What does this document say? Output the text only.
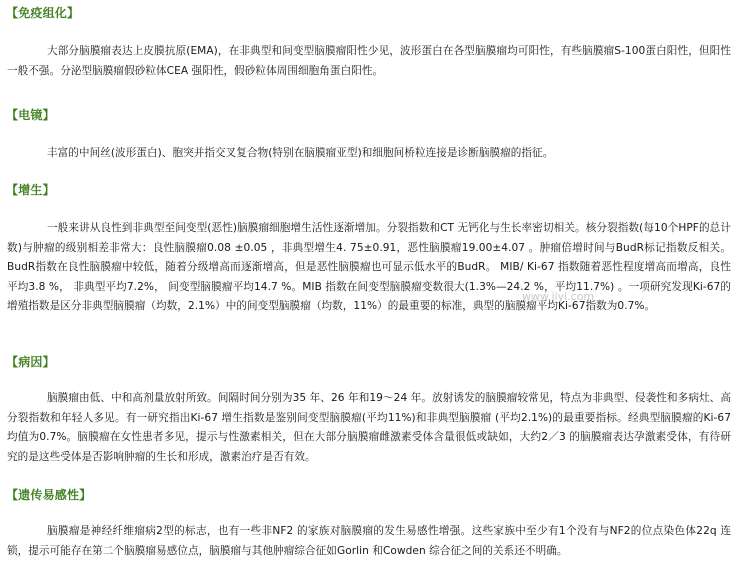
【免疫组化】

大部分脑膜瘤表达上皮膜抗原(EMA)，在非典型和间变型脑膜瘤阳性少见，波形蛋白在各型脑膜瘤均可阳性，有些脑膜瘤S-100蛋白阳性，但阳性一般不强。分泌型脑膜瘤假砂粒体CEA 强阳性，假砂粒体周围细胞角蛋白阳性。

【电镜】

丰富的中间丝(波形蛋白)、胞突并指交叉复合物(特别在脑膜瘤亚型)和细胞间桥粒连接是诊断脑膜瘤的指征。

【增生】

一般来讲从良性到非典型至间变型(恶性)脑膜瘤细胞增生活性逐渐增加。分裂指数和CT 无钙化与生长率密切相关。核分裂指数(每10个HPF的总计数)与肿瘤的级别相差非常大：良性脑膜瘤0.08 ±0.05 ，非典型增生4. 75±0.91，恶性脑膜瘤19.00±4.07 。肿瘤倍增时间与BudR标记指数反相关。BudR指数在良性脑膜瘤中较低，随着分级增高而逐渐增高，但是恶性脑膜瘤也可显示低水平的BudR。 MIB/ Ki-67 指数随着恶性程度增高而增高，良性平均3.8 %， 非典型平均7.2%， 间变型脑膜瘤平均14.7 %。MIB 指数在间变型脑膜瘤变数很大(1.3%—24.2 %，平均11.7%) 。一项研究发现Ki-67的增殖指数是区分非典型脑膜瘤（均数，2.1%）中的间变型脑膜瘤（均数，11%）的最重要的标准，典型的脑膜瘤平均Ki-67指数为0.7%。

www.iiyi.com
【病因】

脑膜瘤由低、中和高剂量放射所致。间隔时间分别为35 年、26 年和19～24 年。放射诱发的脑膜瘤较常见，特点为非典型、侵袭性和多病灶、高分裂指数和年轻人多见。有一研究指出Ki-67 增生指数是鉴别间变型脑膜瘤(平均11%)和非典型脑膜瘤 (平均2.1%)的最重要指标。经典型脑膜瘤的Ki-67 均值为0.7%。脑膜瘤在女性患者多见，提示与性激素相关，但在大部分脑膜瘤雌激素受体含量很低或缺如，大约2／3 的脑膜瘤表达孕激素受体，有待研究的是这些受体是否影响肿瘤的生长和形成，激素治疗是否有效。

【遗传易感性】

脑膜瘤是神经纤维瘤病2型的标志，也有一些非NF2 的家族对脑膜瘤的发生易感性增强。这些家族中至少有1个没有与NF2的位点染色体22q 连锁，提示可能存在第二个脑膜瘤易感位点，脑膜瘤与其他肿瘤综合征如Gorlin 和Cowden 综合征之间的关系还不明确。
